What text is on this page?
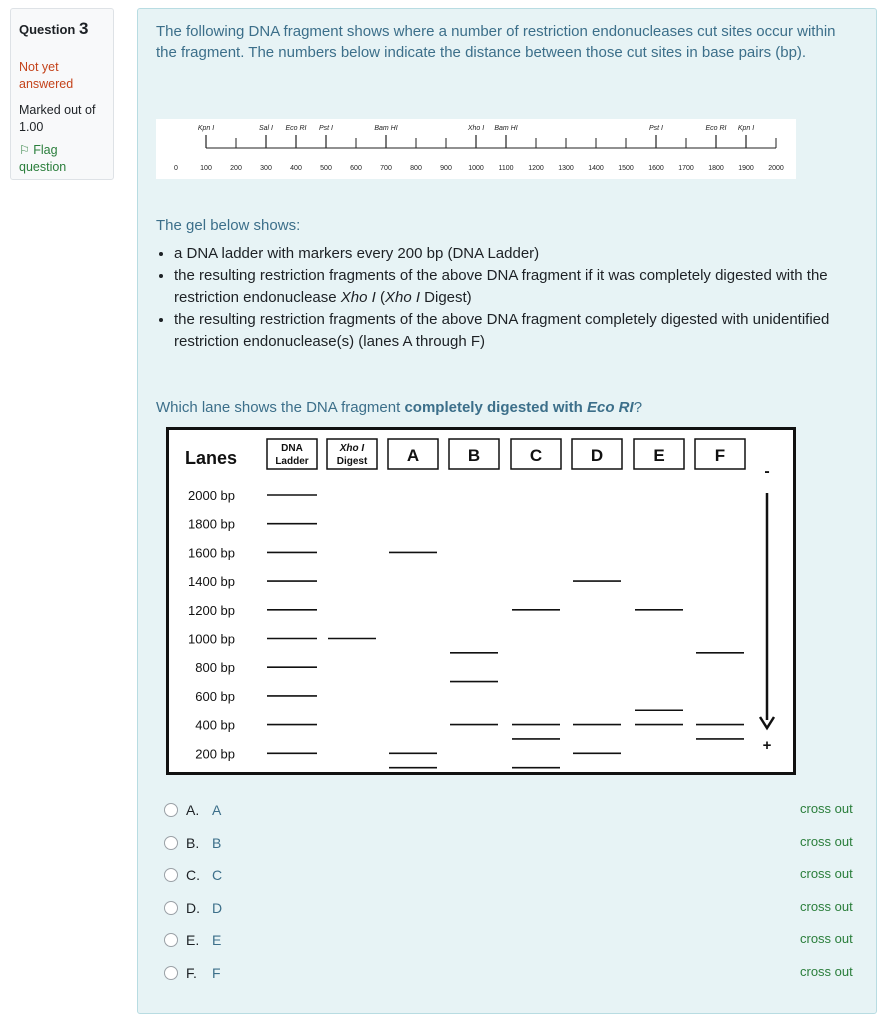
Question 3
Not yet answered
Marked out of 1.00
⚐ Flag question
The following DNA fragment shows where a number of restriction endonucleases cut sites occur within the fragment. The numbers below indicate the distance between those cut sites in base pairs (bp).
0	100	200	300	400	500	600	700	800	900 1000 1100 1200 1300 1400 1500 1600 1700 1800 1900 2000
Kpn I	Sal I Eco RI Pst I	Bam HI	Xho I Bam HI	Pst I	Eco RI Kpn I
The gel below shows:
• a DNA ladder with markers every 200 bp (DNA Ladder)
• the resulting restriction fragments of the above DNA fragment if it was completely digested with the restriction endonuclease Xho I (Xho I Digest)
• the resulting restriction fragments of the above DNA fragment completely digested with unidentified restriction endonuclease(s) (lanes A through F)
Which lane shows the DNA fragment completely digested with Eco RI?
Lanes	DNA
Ladder
Xho I
Digest A	B	C	D	E	F
2000 bp
1800 bp
1600 bp
1400 bp
1200 bp
1000 bp
800 bp
600 bp
400 bp
200 bp
-
+
A. A	cross out
B. B	cross out
C. C	cross out
D. D	cross out
E. E	cross out
F. F	cross out
